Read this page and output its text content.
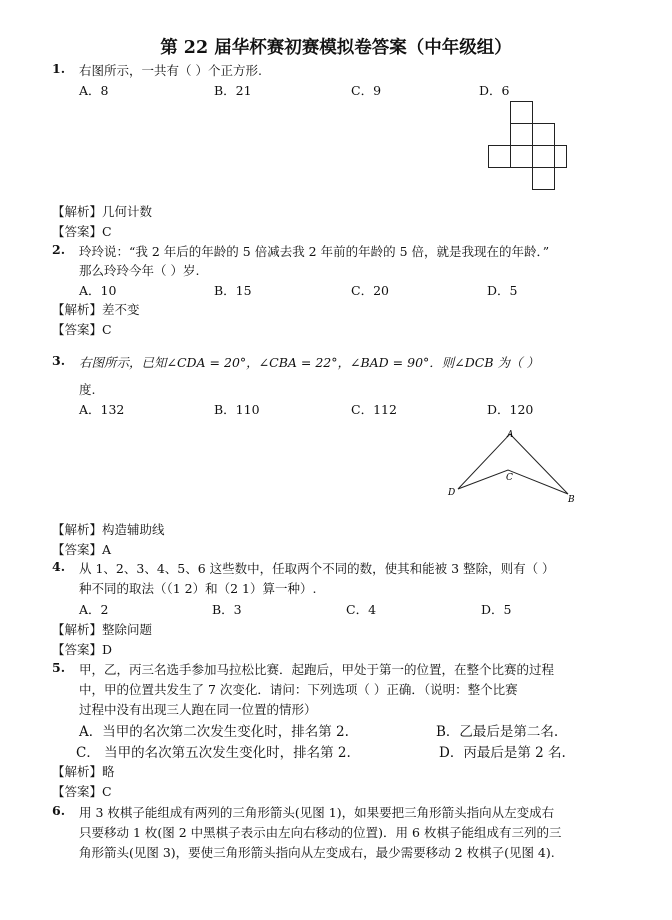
第 22 届华杯赛初赛模拟卷答案（中年级组）
1. 右图所示，一共有（ ）个正方形.
A．8	B．21	C．9	D．6
【解析】几何计数
【答案】C
2. 玲玲说：“我 2 年后的年龄的 5 倍减去我 2 年前的年龄的 5 倍，就是我现在的年龄．”
那么玲玲今年（ ）岁.
A．10	B．15	C．20	D．5
【解析】差不变
【答案】C
3. 右图所示，已知∠CDA = 20°，∠CBA = 22°，∠BAD = 90°．则∠DCB 为（ ）
度.
A．132	B．110	C．112	D．120
A
C
D
B
【解析】构造辅助线
【答案】A
4. 从 1、2、3、4、5、6 这些数中，任取两个不同的数，使其和能被 3 整除，则有（ ）
种不同的取法（（1 2）和（2 1）算一种）.
A．2	B．3	C．4	D．5
【解析】整除问题
【答案】D
5. 甲，乙，丙三名选手参加马拉松比赛．起跑后，甲处于第一的位置，在整个比赛的过程
中，甲的位置共发生了 7 次变化．请问：下列选项（ ）正确．（说明：整个比赛
过程中没有出现三人跑在同一位置的情形）
A．当甲的名次第二次发生变化时，排名第 2.	B．乙最后是第二名.
C． 当甲的名次第五次发生变化时，排名第 2.	D．丙最后是第 2 名.
【解析】略
【答案】C
6. 用 3 枚棋子能组成有两列的三角形箭头(见图 1)，如果要把三角形箭头指向从左变成右
只要移动 1 枚(图 2 中黑棋子表示由左向右移动的位置)．用 6 枚棋子能组成有三列的三
角形箭头(见图 3)，要使三角形箭头指向从左变成右，最少需要移动 2 枚棋子(见图 4).
